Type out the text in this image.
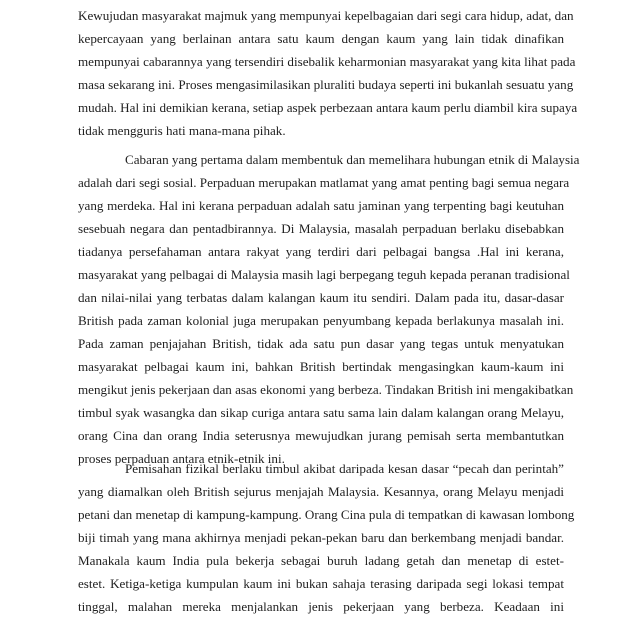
Kewujudan masyarakat majmuk yang mempunyai kepelbagaian dari segi cara hidup, adat, dan
kepercayaan yang berlainan antara satu kaum dengan kaum yang lain tidak dinafikan
mempunyai cabarannya yang tersendiri disebalik keharmonian masyarakat yang kita lihat pada
masa sekarang ini. Proses mengasimilasikan pluraliti budaya seperti ini bukanlah sesuatu yang
mudah. Hal ini demikian kerana, setiap aspek perbezaan antara kaum perlu diambil kira supaya
tidak mengguris hati mana-mana pihak.
Cabaran yang pertama dalam membentuk dan memelihara hubungan etnik di Malaysia
adalah dari segi sosial. Perpaduan merupakan matlamat yang amat penting bagi semua negara
yang merdeka. Hal ini kerana perpaduan adalah satu jaminan yang terpenting bagi keutuhan
sesebuah negara dan pentadbirannya. Di Malaysia, masalah perpaduan berlaku disebabkan
tiadanya persefahaman antara rakyat yang terdiri dari pelbagai bangsa .Hal ini kerana,
masyarakat yang pelbagai di Malaysia masih lagi berpegang teguh kepada peranan tradisional
dan nilai-nilai yang terbatas dalam kalangan kaum itu sendiri. Dalam pada itu, dasar-dasar
British pada zaman kolonial juga merupakan penyumbang kepada berlakunya masalah ini.
Pada zaman penjajahan British, tidak ada satu pun dasar yang tegas untuk menyatukan
masyarakat pelbagai kaum ini, bahkan British bertindak mengasingkan kaum-kaum ini
mengikut jenis pekerjaan dan asas ekonomi yang berbeza. Tindakan British ini mengakibatkan
timbul syak wasangka dan sikap curiga antara satu sama lain dalam kalangan orang Melayu,
orang Cina dan orang India seterusnya mewujudkan jurang pemisah serta membantutkan
proses perpaduan antara etnik-etnik ini.
Pemisahan fizikal berlaku timbul akibat daripada kesan dasar “pecah dan perintah”
yang diamalkan oleh British sejurus menjajah Malaysia. Kesannya, orang Melayu menjadi
petani dan menetap di kampung-kampung. Orang Cina pula di tempatkan di kawasan lombong
biji timah yang mana akhirnya menjadi pekan-pekan baru dan berkembang menjadi bandar.
Manakala kaum India pula bekerja sebagai buruh ladang getah dan menetap di estet-
estet. Ketiga-ketiga kumpulan kaum ini bukan sahaja terasing daripada segi lokasi tempat
tinggal, malahan mereka menjalankan jenis pekerjaan yang berbeza. Keadaan ini
